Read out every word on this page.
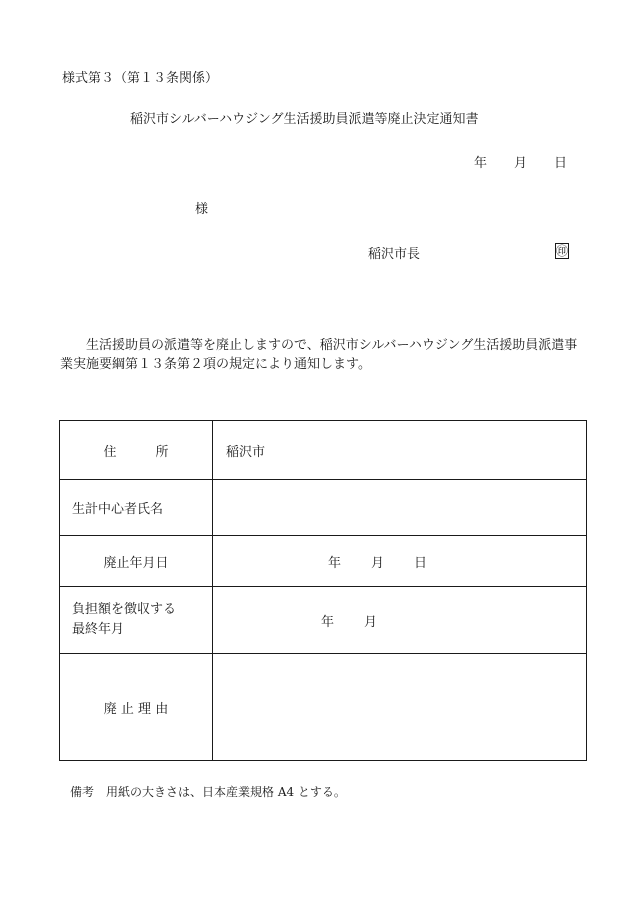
様式第３（第１３条関係）
稲沢市シルバーハウジング生活援助員派遣等廃止決定通知書
年 月 日
様
稲沢市長	㊞
生活援助員の派遣等を廃止しますので、稲沢市シルバーハウジング生活援助員派遣事業実施要綱第１３条第２項の規定により通知します。
住　　　所	稲沢市
生計中心者氏名	
廃止年月日	年 月 日

負担額を徴収する
最終年月	年 月
廃 止 理 由	
備考　用紙の大きさは、日本産業規格 A4 とする。
